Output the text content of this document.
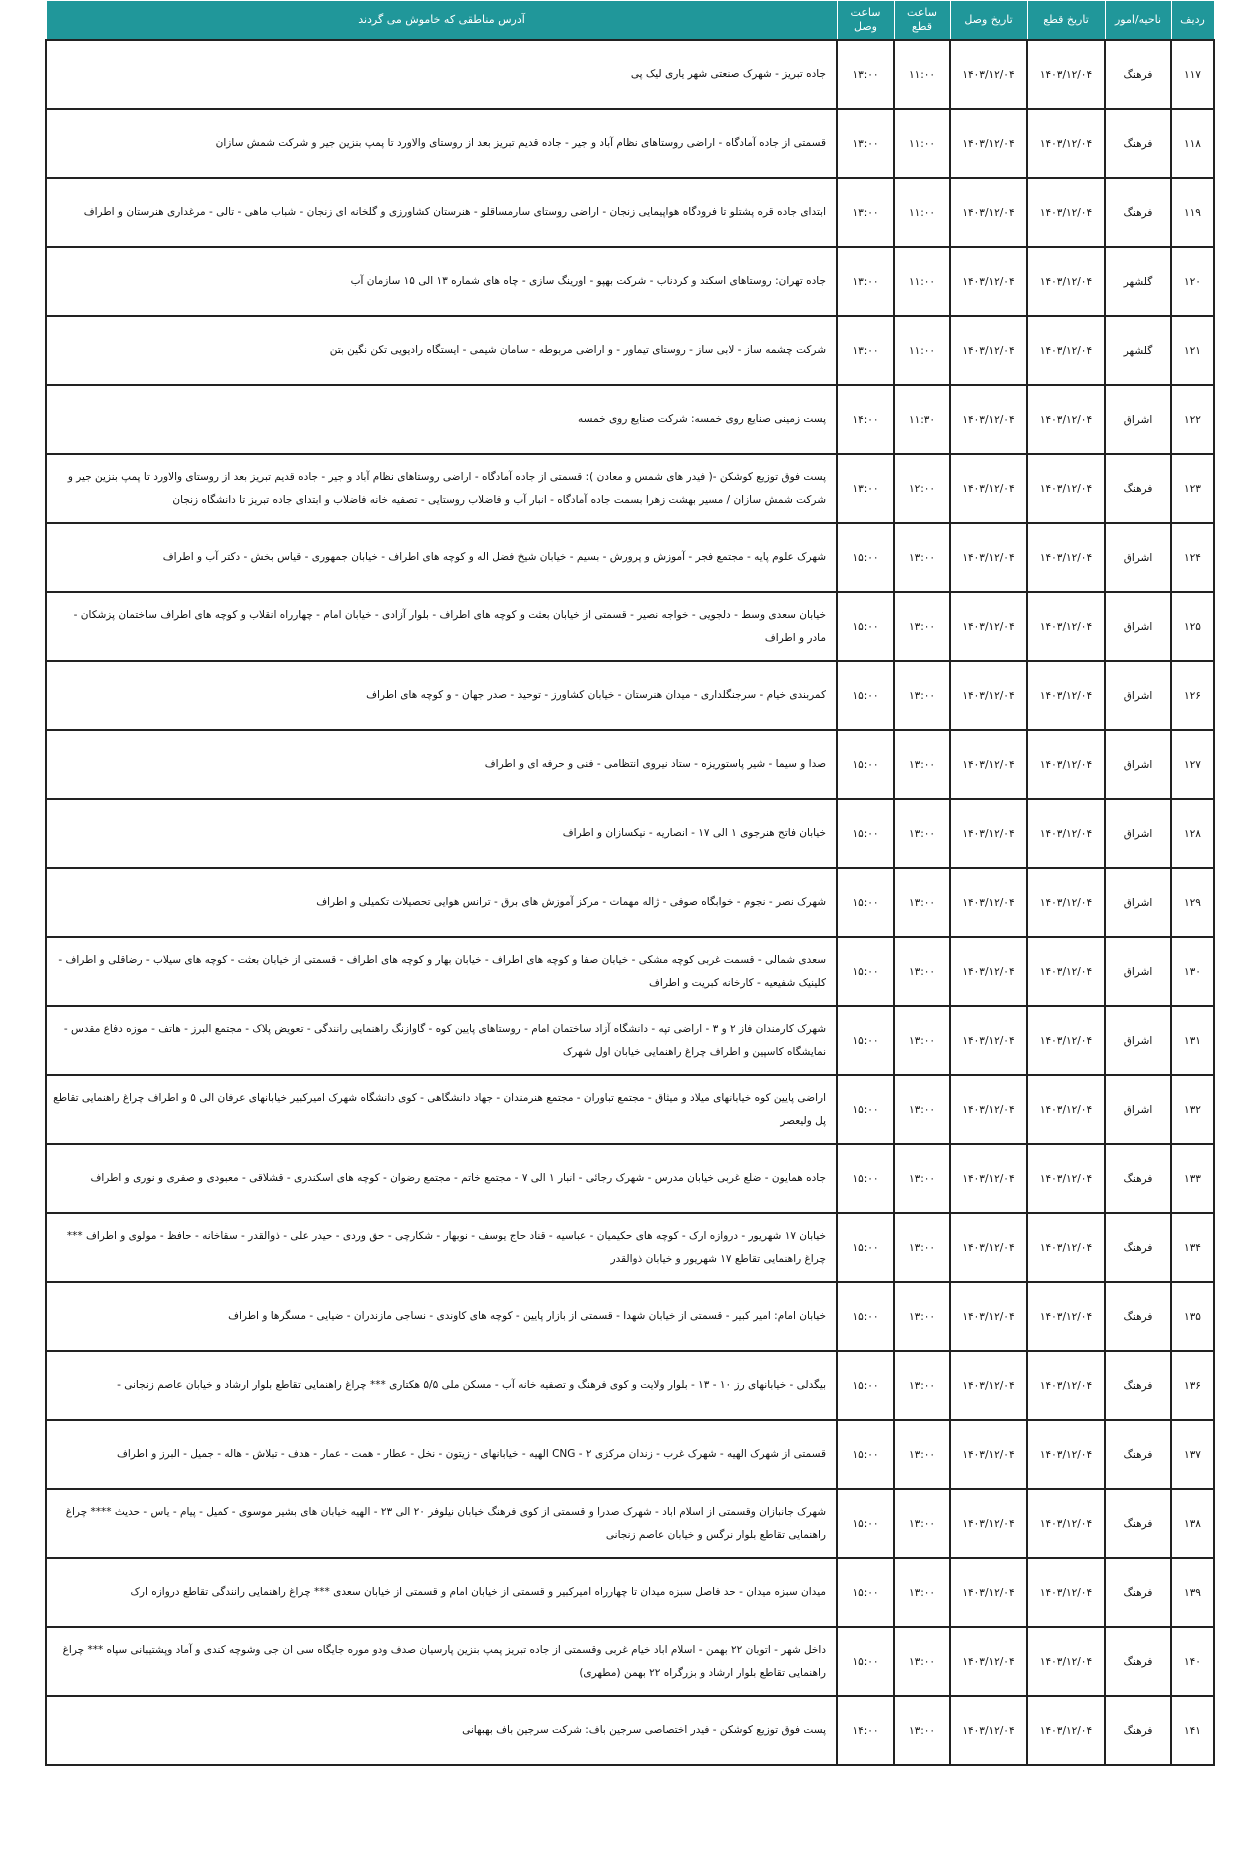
ردیف	ناحیه/امور	تاریخ قطع	تاریخ وصل	ساعت قطع	ساعت وصل	آدرس مناطقی که خاموش می گردند
۱۱۷	فرهنگ	۱۴۰۳/۱۲/۰۴	۱۴۰۳/۱۲/۰۴	۱۱:۰۰	۱۳:۰۰	جاده تبریز - شهرک صنعتی شهر یاری لیک پی
۱۱۸	فرهنگ	۱۴۰۳/۱۲/۰۴	۱۴۰۳/۱۲/۰۴	۱۱:۰۰	۱۳:۰۰	قسمتی از جاده آمادگاه - اراضی روستاهای نظام آباد و جیر - جاده قدیم تبریز بعد از روستای والاورد تا پمپ بنزین جیر و شرکت شمش سازان
۱۱۹	فرهنگ	۱۴۰۳/۱۲/۰۴	۱۴۰۳/۱۲/۰۴	۱۱:۰۰	۱۳:۰۰	ابتدای جاده قره پشتلو تا فرودگاه هواپیمایی زنجان - اراضی روستای سارمساقلو - هنرستان کشاورزی و گلخانه ای زنجان - شباب ماهی - تالی - مرغداری هنرستان و اطراف
۱۲۰	گلشهر	۱۴۰۳/۱۲/۰۴	۱۴۰۳/۱۲/۰۴	۱۱:۰۰	۱۳:۰۰	جاده تهران: روستاهای اسکند و کردناب - شرکت بهپو - اورینگ سازی - چاه های شماره ۱۳ الی ۱۵ سازمان آب
۱۲۱	گلشهر	۱۴۰۳/۱۲/۰۴	۱۴۰۳/۱۲/۰۴	۱۱:۰۰	۱۳:۰۰	شرکت چشمه ساز - لابی ساز - روستای تیماور - و اراضی مربوطه - سامان شیمی - ایستگاه رادیویی تکن نگین بتن
۱۲۲	اشراق	۱۴۰۳/۱۲/۰۴	۱۴۰۳/۱۲/۰۴	۱۱:۳۰	۱۴:۰۰	پست زمینی صنایع روی خمسه: شرکت صنایع روی خمسه
۱۲۳	فرهنگ	۱۴۰۳/۱۲/۰۴	۱۴۰۳/۱۲/۰۴	۱۲:۰۰	۱۳:۰۰	پست فوق توزیع کوشکن -( فیدر های شمس و معادن ): قسمتی از جاده آمادگاه - اراضی روستاهای نظام آباد و جیر - جاده قدیم تبریز بعد از روستای والاورد تا پمپ بنزین جیر و شرکت شمش سازان / مسیر بهشت زهرا بسمت جاده آمادگاه - انبار آب و فاضلاب روستایی - تصفیه خانه فاضلاب و ابتدای جاده تبریز تا دانشگاه زنجان
۱۲۴	اشراق	۱۴۰۳/۱۲/۰۴	۱۴۰۳/۱۲/۰۴	۱۳:۰۰	۱۵:۰۰	شهرک علوم پایه - مجتمع فجر - آموزش و پرورش - بسیم - خیابان شیخ فضل اله و کوچه های اطراف - خیابان جمهوری - قیاس بخش - دکتر آب و اطراف
۱۲۵	اشراق	۱۴۰۳/۱۲/۰۴	۱۴۰۳/۱۲/۰۴	۱۳:۰۰	۱۵:۰۰	خیابان سعدی وسط - دلجویی - خواجه نصیر - قسمتی از خیابان بعثت و کوچه های اطراف - بلوار آزادی - خیابان امام - چهارراه انقلاب و کوچه های اطراف ساختمان پزشکان - مادر و اطراف
۱۲۶	اشراق	۱۴۰۳/۱۲/۰۴	۱۴۰۳/۱۲/۰۴	۱۳:۰۰	۱۵:۰۰	کمربندی خیام - سرجنگلداری - میدان هنرستان - خیابان کشاورز - توحید - صدر جهان - و کوچه های اطراف
۱۲۷	اشراق	۱۴۰۳/۱۲/۰۴	۱۴۰۳/۱۲/۰۴	۱۳:۰۰	۱۵:۰۰	صدا و سیما - شیر پاستوریزه - ستاد نیروی انتظامی - فنی و حرفه ای و اطراف
۱۲۸	اشراق	۱۴۰۳/۱۲/۰۴	۱۴۰۳/۱۲/۰۴	۱۳:۰۰	۱۵:۰۰	خیابان فاتح هنرجوی ۱ الی ۱۷ - انصاریه - نیکسازان و اطراف
۱۲۹	اشراق	۱۴۰۳/۱۲/۰۴	۱۴۰۳/۱۲/۰۴	۱۳:۰۰	۱۵:۰۰	شهرک نصر - نجوم - خوابگاه صوفی - ژاله مهمات - مرکز آموزش های برق - ترانس هوایی تحصیلات تکمیلی و اطراف
۱۳۰	اشراق	۱۴۰۳/۱۲/۰۴	۱۴۰۳/۱۲/۰۴	۱۳:۰۰	۱۵:۰۰	سعدی شمالی - قسمت غربی کوچه مشکی - خیابان صفا و کوچه های اطراف - خیابان بهار و کوچه های اطراف - قسمتی از خیابان بعثت - کوچه های سیلاب - رضاقلی و اطراف - کلینیک شفیعیه - کارخانه کبریت و اطراف
۱۳۱	اشراق	۱۴۰۳/۱۲/۰۴	۱۴۰۳/۱۲/۰۴	۱۳:۰۰	۱۵:۰۰	شهرک کارمندان فاز ۲ و ۳ - اراضی تپه - دانشگاه آزاد ساختمان امام - روستاهای پایین کوه - گاوازنگ راهنمایی رانندگی - تعویض پلاک - مجتمع البرز - هاتف - موزه دفاع مقدس - نمایشگاه کاسپین و اطراف چراغ راهنمایی خیابان اول شهرک
۱۳۲	اشراق	۱۴۰۳/۱۲/۰۴	۱۴۰۳/۱۲/۰۴	۱۳:۰۰	۱۵:۰۰	اراضی پایین کوه خیابانهای میلاد و میثاق - مجتمع تباوران - مجتمع هنرمندان - جهاد دانشگاهی - کوی دانشگاه شهرک امیرکبیر خیابانهای عرفان الی ۵ و اطراف چراغ راهنمایی تقاطع پل ولیعصر
۱۳۳	فرهنگ	۱۴۰۳/۱۲/۰۴	۱۴۰۳/۱۲/۰۴	۱۳:۰۰	۱۵:۰۰	جاده همایون - ضلع غربی خیابان مدرس - شهرک رجائی - انبار ۱ الی ۷ - مجتمع خاتم - مجتمع رضوان - کوچه های اسکندری - قشلاقی - معبودی و صفری و نوری و اطراف
۱۳۴	فرهنگ	۱۴۰۳/۱۲/۰۴	۱۴۰۳/۱۲/۰۴	۱۳:۰۰	۱۵:۰۰	خیابان ۱۷ شهریور - دروازه ارک - کوچه های حکیمیان - عباسیه - قناد حاج یوسف - نوبهار - شکارچی - حق وردی - حیدر علی - ذوالقدر - سقاخانه - حافظ - مولوی و اطراف *** چراغ راهنمایی تقاطع ۱۷ شهریور و خیابان ذوالقدر
۱۳۵	فرهنگ	۱۴۰۳/۱۲/۰۴	۱۴۰۳/۱۲/۰۴	۱۳:۰۰	۱۵:۰۰	خیابان امام: امیر کبیر - قسمتی از خیابان شهدا - قسمتی از بازار پایین - کوچه های کاوندی - نساجی مازندران - ضیایی - مسگرها و اطراف
۱۳۶	فرهنگ	۱۴۰۳/۱۲/۰۴	۱۴۰۳/۱۲/۰۴	۱۳:۰۰	۱۵:۰۰	بیگدلی - خیابانهای رز ۱۰ - ۱۳ - بلوار ولایت و کوی فرهنگ و تصفیه خانه آب - مسکن ملی ۵/۵ هکتاری *** چراغ راهنمایی تقاطع بلوار ارشاد و خیابان عاصم زنجانی -
۱۳۷	فرهنگ	۱۴۰۳/۱۲/۰۴	۱۴۰۳/۱۲/۰۴	۱۳:۰۰	۱۵:۰۰	قسمتی از شهرک الهیه - شهرک غرب - زندان مرکزی ۲ - CNG الهیه - خیابانهای - زیتون - نخل - عطار - همت - عمار - هدف - تبلاش - هاله - جمیل - البرز و اطراف
۱۳۸	فرهنگ	۱۴۰۳/۱۲/۰۴	۱۴۰۳/۱۲/۰۴	۱۳:۰۰	۱۵:۰۰	شهرک جانبازان وقسمتی از اسلام اباد - شهرک صدرا و قسمتی از کوی فرهنگ خیابان نیلوفر ۲۰ الی ۲۳ - الهیه خیابان های بشیر موسوی - کمیل - پیام - یاس - حدیث **** چراغ راهنمایی تقاطع بلوار نرگس و خیابان عاصم زنجانی
۱۳۹	فرهنگ	۱۴۰۳/۱۲/۰۴	۱۴۰۳/۱۲/۰۴	۱۳:۰۰	۱۵:۰۰	میدان سبزه میدان - حد فاصل سبزه میدان تا چهارراه امیرکبیر و قسمتی از خیابان امام و قسمتی از خیابان سعدی *** چراغ راهنمایی رانندگی تقاطع دروازه ارک
۱۴۰	فرهنگ	۱۴۰۳/۱۲/۰۴	۱۴۰۳/۱۲/۰۴	۱۳:۰۰	۱۵:۰۰	داخل شهر - اتوبان ۲۲ بهمن - اسلام اباد خیام غربی وقسمتی از جاده تبریز پمپ بنزین پارسیان صدف ودو موره جایگاه سی ان جی وشوچه کندی و آماد وپشتیبانی سپاه *** چراغ راهنمایی تقاطع بلوار ارشاد و بزرگراه ۲۲ بهمن (مطهری)
۱۴۱	فرهنگ	۱۴۰۳/۱۲/۰۴	۱۴۰۳/۱۲/۰۴	۱۳:۰۰	۱۴:۰۰	پست فوق توزیع کوشکن - فیدر اختصاصی سرجین باف: شرکت سرجین باف بهبهانی
